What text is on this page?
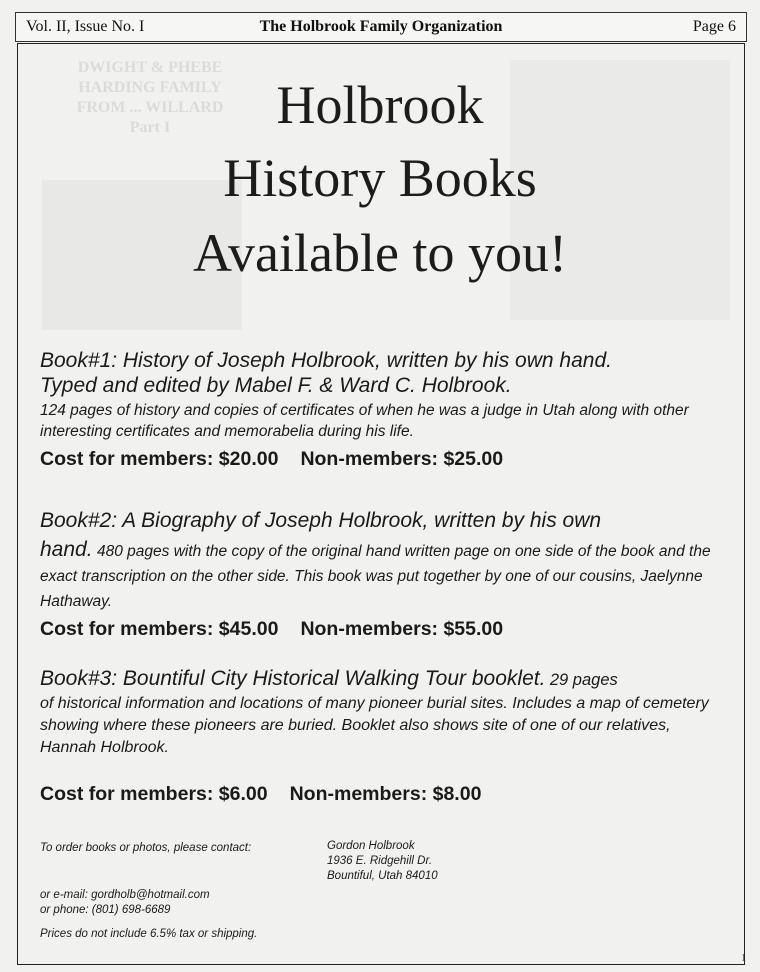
DWIGHT & PHEBE
HARDING FAMILY
FROM ... WILLARD
Part I
Vol. II, Issue No. I	The Holbrook Family Organization	Page 6
Holbrook
History Books
Available to you!
Book#1: History of Joseph Holbrook, written by his own hand.
Typed and edited by Mabel F. & Ward C. Holbrook.
124 pages of history and copies of certificates of when he was a judge in Utah along with other interesting certificates and memorabelia during his life.
Cost for members: $20.00 Non-members: $25.00
Book#2: A Biography of Joseph Holbrook, written by his own
hand. 480 pages with the copy of the original hand written page on one side of the book and the exact transcription on the other side. This book was put together by one of our cousins, Jaelynne Hathaway.
Cost for members: $45.00 Non-members: $55.00
Book#3: Bountiful City Historical Walking Tour booklet. 29 pages
of historical information and locations of many pioneer burial sites. Includes a map of cemetery showing where these pioneers are buried. Booklet also shows site of one of our relatives, Hannah Holbrook.
Cost for members: $6.00 Non-members: $8.00
To order books or photos, please contact:	Gordon Holbrook
1936 E. Ridgehill Dr.
Bountiful, Utah 84010
or e-mail: gordholb@hotmail.com
or phone: (801) 698-6689
Prices do not include 6.5% tax or shipping.
1
